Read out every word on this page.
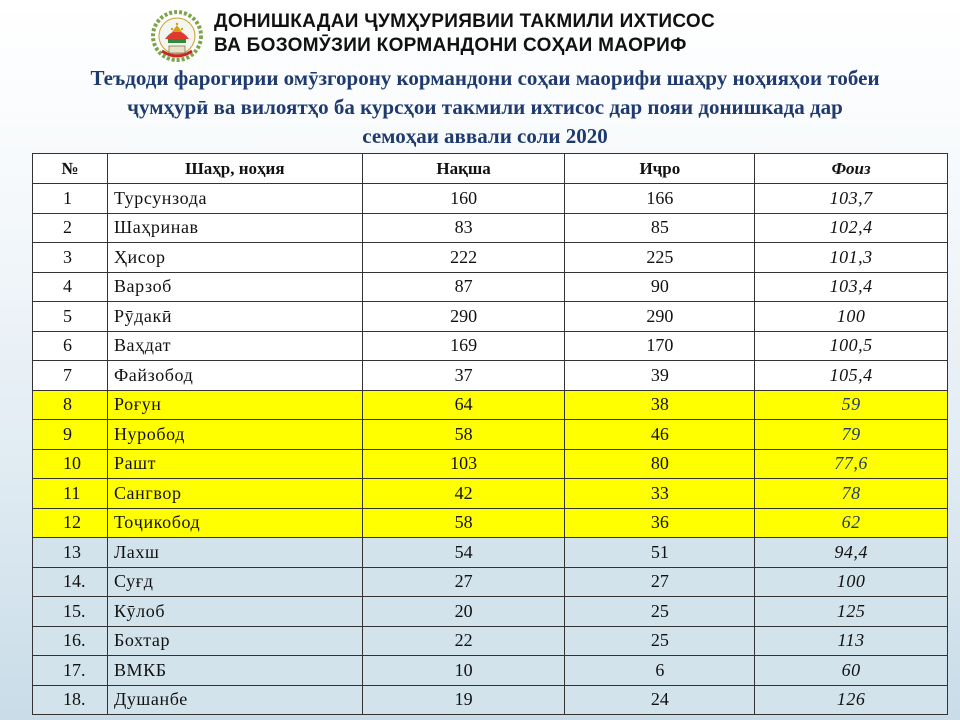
ДОНИШКАДАИ ҶУМҲУРИЯВИИ ТАКМИЛИ ИХТИСОС
ВА БОЗОМӮЗИИ КОРМАНДОНИ СОҲАИ МАОРИФ
Теъдоди фарогирии омӯзгорону кормандони соҳаи маорифи шаҳру ноҳияҳои тобеи
ҷумҳурӣ ва вилоятҳо ба курсҳои такмили ихтисос дар пояи донишкада дар
семоҳаи аввали соли 2020
№	Шаҳр, ноҳия	Нақша	Иҷро	Фоиз
1	Турсунзода	160	166	103,7
2	Шаҳринав	83	85	102,4
3	Ҳисор	222	225	101,3
4	Варзоб	87	90	103,4
5	Рӯдакӣ	290	290	100
6	Ваҳдат	169	170	100,5
7	Файзобод	37	39	105,4
8	Роғун	64	38	59
9	Нуробод	58	46	79
10	Рашт	103	80	77,6
11	Сангвор	42	33	78
12	Тоҷикобод	58	36	62
13	Лахш	54	51	94,4
14.	Суғд	27	27	100
15.	Кӯлоб	20	25	125
16.	Бохтар	22	25	113
17.	ВМКБ	10	6	60
18.	Душанбе	19	24	126
